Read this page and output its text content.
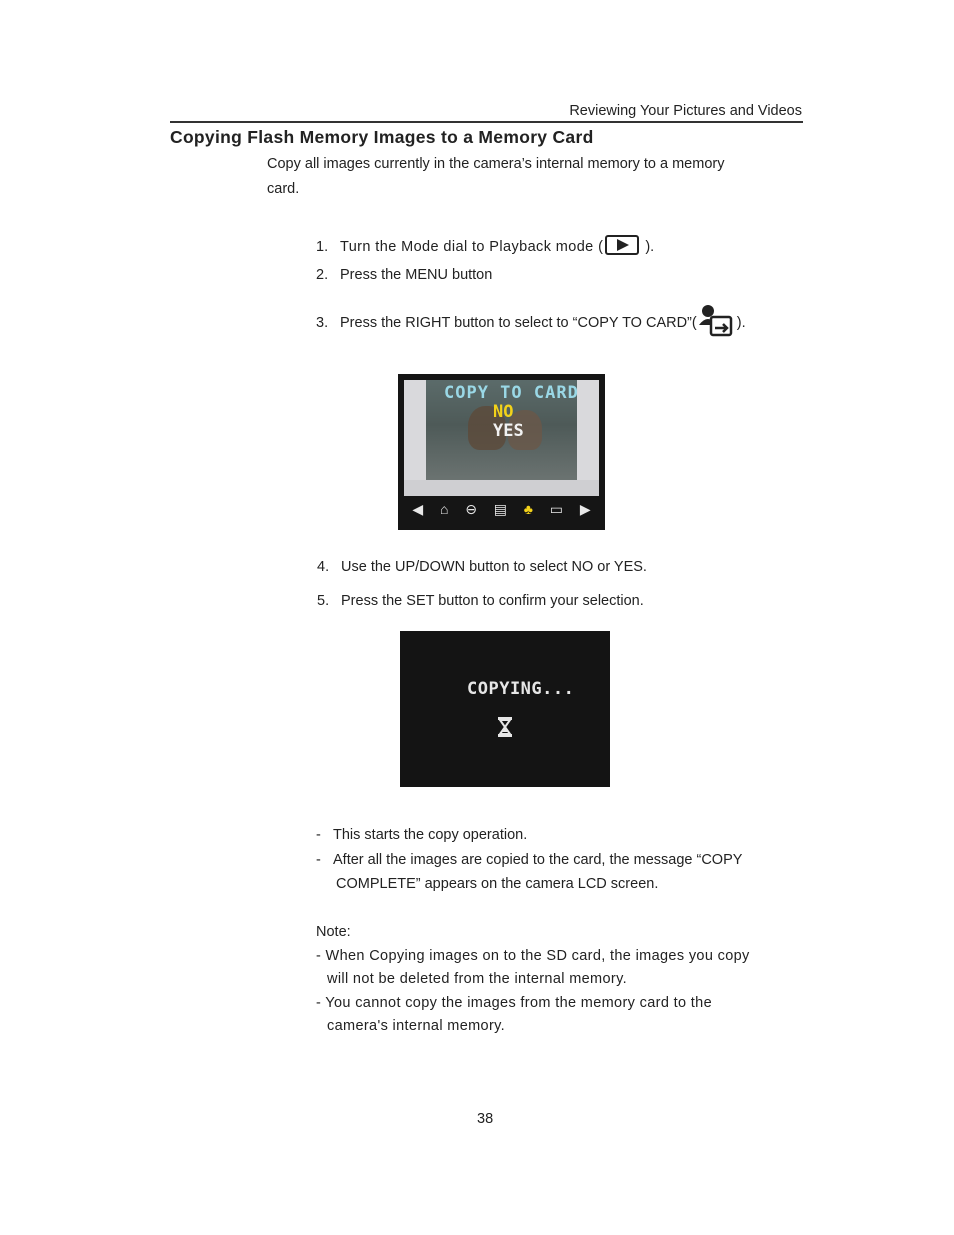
Reviewing Your Pictures and Videos
Copying Flash Memory Images to a Memory Card
Copy all images currently in the camera’s internal memory to a memory
card.
1. Turn the Mode dial to Playback mode (	).
2. Press the MENU button
3. Press the RIGHT button to select to “COPY TO CARD”( ).
COPY TO CARD
NO
YES
◀ ⌂ ⊖ ▤ ♣ ▭ ▶
4. Use the UP/DOWN button to select NO or YES.
5. Press the SET button to confirm your selection.
COPYING...
- This starts the copy operation.
- After all the images are copied to the card, the message “COPY
COMPLETE” appears on the camera LCD screen.
Note:
- When Copying images on to the SD card, the images you copy
will not be deleted from the internal memory.
- You cannot copy the images from the memory card to the
camera's internal memory.
38
